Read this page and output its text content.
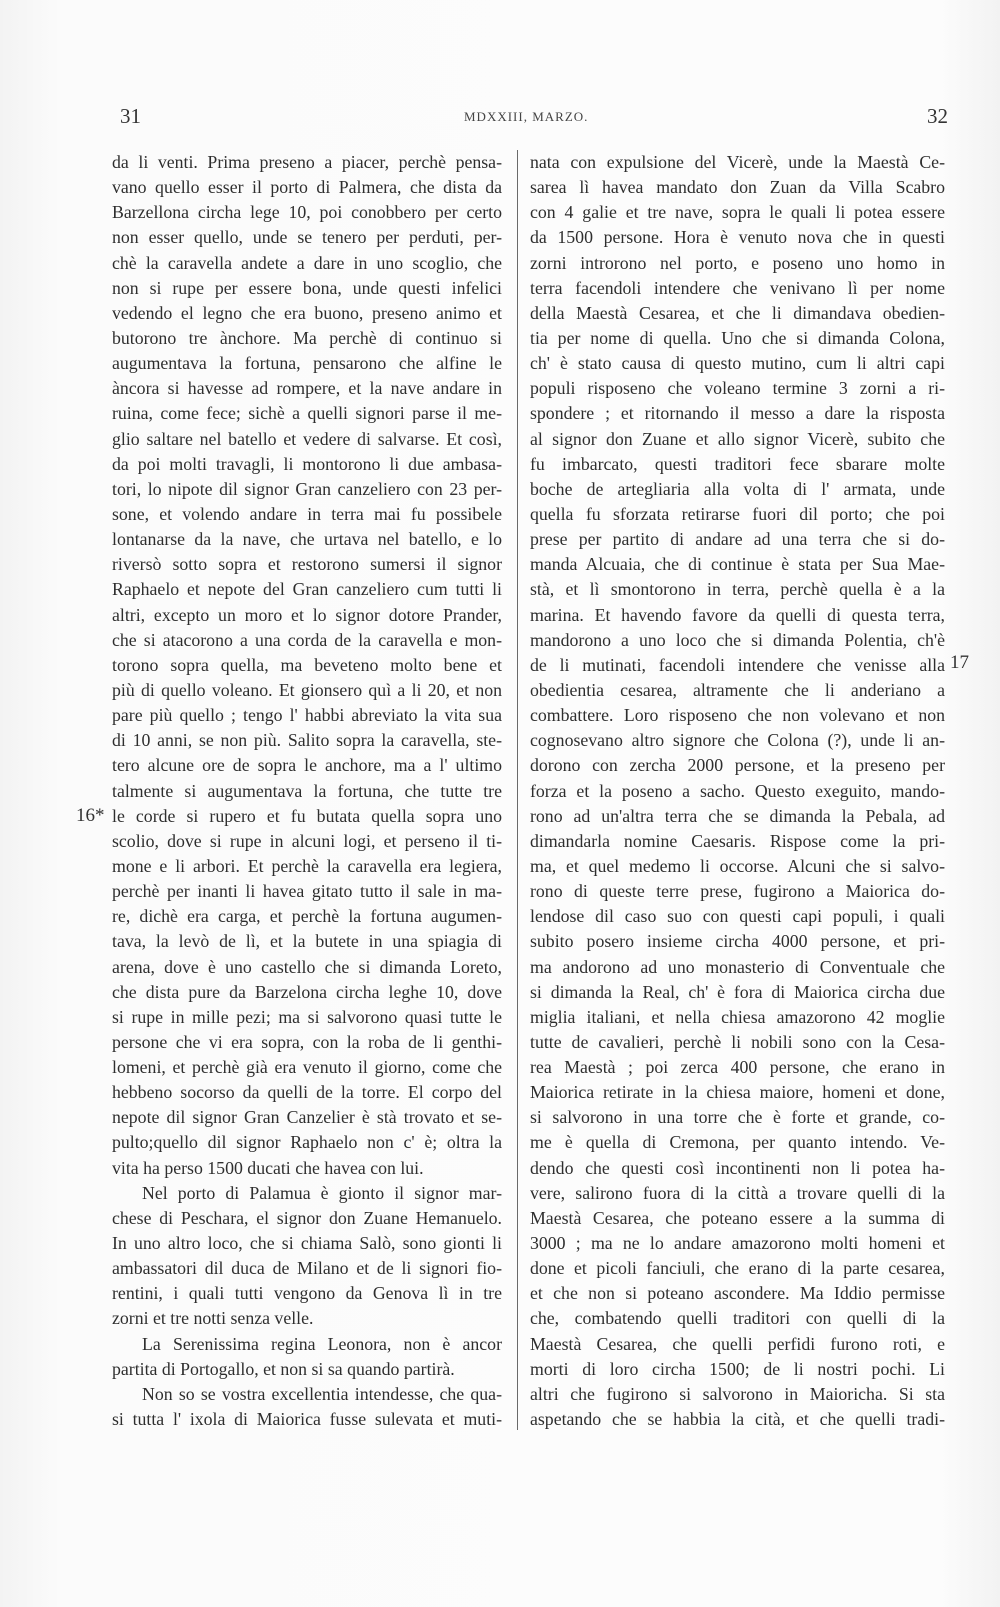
31	MDXXIII, MARZO.	32
16*
17
da li venti. Prima preseno a piacer, perchè pensa-
vano quello esser il porto di Palmera, che dista da
Barzellona circha lege 10, poi conobbero per certo
non esser quello, unde se tenero per perduti, per-
chè la caravella andete a dare in uno scoglio, che
non si rupe per essere bona, unde questi infelici
vedendo el legno che era buono, preseno animo et
butorono tre ànchore. Ma perchè di continuo si
augumentava la fortuna, pensarono che alfine le
àncora si havesse ad rompere, et la nave andare in
ruina, come fece; sichè a quelli signori parse il me-
glio saltare nel batello et vedere di salvarse. Et così,
da poi molti travagli, li montorono li due ambasa-
tori, lo nipote dil signor Gran canzeliero con 23 per-
sone, et volendo andare in terra mai fu possibele
lontanarse da la nave, che urtava nel batello, e lo
riversò sotto sopra et restorono sumersi il signor
Raphaelo et nepote del Gran canzeliero cum tutti li
altri, excepto un moro et lo signor dotore Prander,
che si atacorono a una corda de la caravella e mon-
torono sopra quella, ma beveteno molto bene et
più di quello voleano. Et gionsero quì a li 20, et non
pare più quello ; tengo l' habbi abreviato la vita sua
di 10 anni, se non più. Salito sopra la caravella, ste-
tero alcune ore de sopra le anchore, ma a l' ultimo
talmente si augumentava la fortuna, che tutte tre
le corde si rupero et fu butata quella sopra uno
scolio, dove si rupe in alcuni logi, et perseno il ti-
mone e li arbori. Et perchè la caravella era legiera,
perchè per inanti li havea gitato tutto il sale in ma-
re, dichè era carga, et perchè la fortuna augumen-
tava, la levò de lì, et la butete in una spiagia di
arena, dove è uno castello che si dimanda Loreto,
che dista pure da Barzelona circha leghe 10, dove
si rupe in mille pezi; ma si salvorono quasi tutte le
persone che vi era sopra, con la roba de li genthi-
lomeni, et perchè già era venuto il giorno, come che
hebbeno socorso da quelli de la torre. El corpo del
nepote dil signor Gran Canzelier è stà trovato et se-
pulto;quello dil signor Raphaelo non c' è; oltra la
vita ha perso 1500 ducati che havea con lui.
Nel porto di Palamua è gionto il signor mar-
chese di Peschara, el signor don Zuane Hemanuelo.
In uno altro loco, che si chiama Salò, sono gionti li
ambassatori dil duca de Milano et de li signori fio-
rentini, i quali tutti vengono da Genova lì in tre
zorni et tre notti senza velle.
La Serenissima regina Leonora, non è ancor
partita di Portogallo, et non si sa quando partirà.
Non so se vostra excellentia intendesse, che qua-
si tutta l' ixola di Maiorica fusse sulevata et muti-
nata con expulsione del Vicerè, unde la Maestà Ce-
sarea lì havea mandato don Zuan da Villa Scabro
con 4 galie et tre nave, sopra le quali li potea essere
da 1500 persone. Hora è venuto nova che in questi
zorni introrono nel porto, e poseno uno homo in
terra facendoli intendere che venivano lì per nome
della Maestà Cesarea, et che li dimandava obedien-
tia per nome di quella. Uno che si dimanda Colona,
ch' è stato causa di questo mutino, cum li altri capi
populi risposeno che voleano termine 3 zorni a ri-
spondere ; et ritornando il messo a dare la risposta
al signor don Zuane et allo signor Vicerè, subito che
fu imbarcato, questi traditori fece sbarare molte
boche de artegliaria alla volta di l' armata, unde
quella fu sforzata retirarse fuori dil porto; che poi
prese per partito di andare ad una terra che si do-
manda Alcuaia, che di continue è stata per Sua Mae-
stà, et lì smontorono in terra, perchè quella è a la
marina. Et havendo favore da quelli di questa terra,
mandorono a uno loco che si dimanda Polentia, ch'è
de li mutinati, facendoli intendere che venisse alla
obedientia cesarea, altramente che li anderiano a
combattere. Loro risposeno che non volevano et non
cognosevano altro signore che Colona (?), unde li an-
dorono con zercha 2000 persone, et la preseno per
forza et la poseno a sacho. Questo exeguito, mando-
rono ad un'altra terra che se dimanda la Pebala, ad
dimandarla nomine Caesaris. Rispose come la pri-
ma, et quel medemo li occorse. Alcuni che si salvo-
rono di queste terre prese, fugirono a Maiorica do-
lendose dil caso suo con questi capi populi, i quali
subito posero insieme circha 4000 persone, et pri-
ma andorono ad uno monasterio di Conventuale che
si dimanda la Real, ch' è fora di Maiorica circha due
miglia italiani, et nella chiesa amazorono 42 moglie
tutte de cavalieri, perchè li nobili sono con la Cesa-
rea Maestà ; poi zerca 400 persone, che erano in
Maiorica retirate in la chiesa maiore, homeni et done,
si salvorono in una torre che è forte et grande, co-
me è quella di Cremona, per quanto intendo. Ve-
dendo che questi così incontinenti non li potea ha-
vere, salirono fuora di la città a trovare quelli di la
Maestà Cesarea, che poteano essere a la summa di
3000 ; ma ne lo andare amazorono molti homeni et
done et picoli fanciuli, che erano di la parte cesarea,
et che non si poteano ascondere. Ma Iddio permisse
che, combatendo quelli traditori con quelli di la
Maestà Cesarea, che quelli perfidi furono roti, e
morti di loro circha 1500; de li nostri pochi. Li
altri che fugirono si salvorono in Maioricha. Si sta
aspetando che se habbia la cità, et che quelli tradi-
